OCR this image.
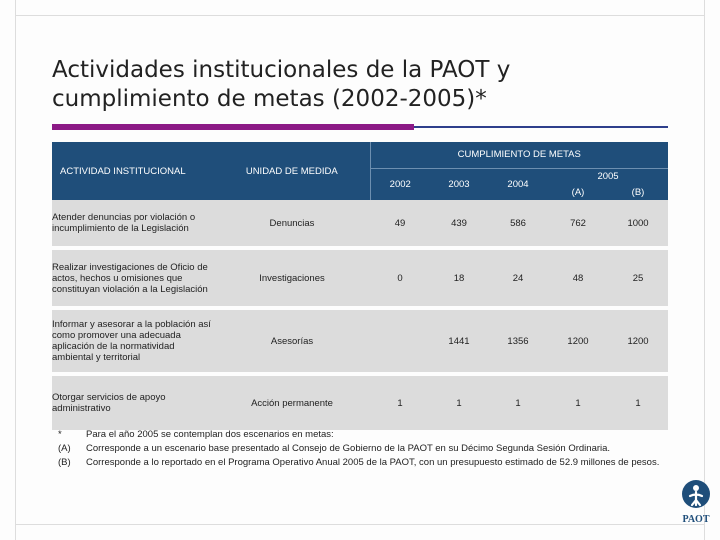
Actividades institucionales de la PAOT y cumplimiento de metas (2002-2005)*
ACTIVIDAD INSTITUCIONAL	UNIDAD DE MEDIDA	CUMPLIMIENTO DE METAS				
		2002	2003	2004	2005	
					(A)	(B)
Atender denuncias por violación o incumplimiento de la Legislación	Denuncias	49	439	586	762	1000

Realizar investigaciones de Oficio de actos, hechos u omisiones que constituyan violación a la Legislación	Investigaciones	0	18	24	48	25

Informar y asesorar a la población así como promover una adecuada aplicación de la normatividad ambiental y territorial	Asesorías		1441	1356	1200	1200

Otorgar servicios de apoyo administrativo	Acción permanente	1	1	1	1	1
*	Para el año 2005 se contemplan dos escenarios en metas:
(A)	Corresponde a un escenario base presentado al Consejo de Gobierno de la PAOT en su Décimo Segunda Sesión Ordinaria.
(B)	Corresponde a lo reportado en el Programa Operativo Anual 2005 de la PAOT, con un presupuesto estimado de 52.9 millones de pesos.
PAOT
